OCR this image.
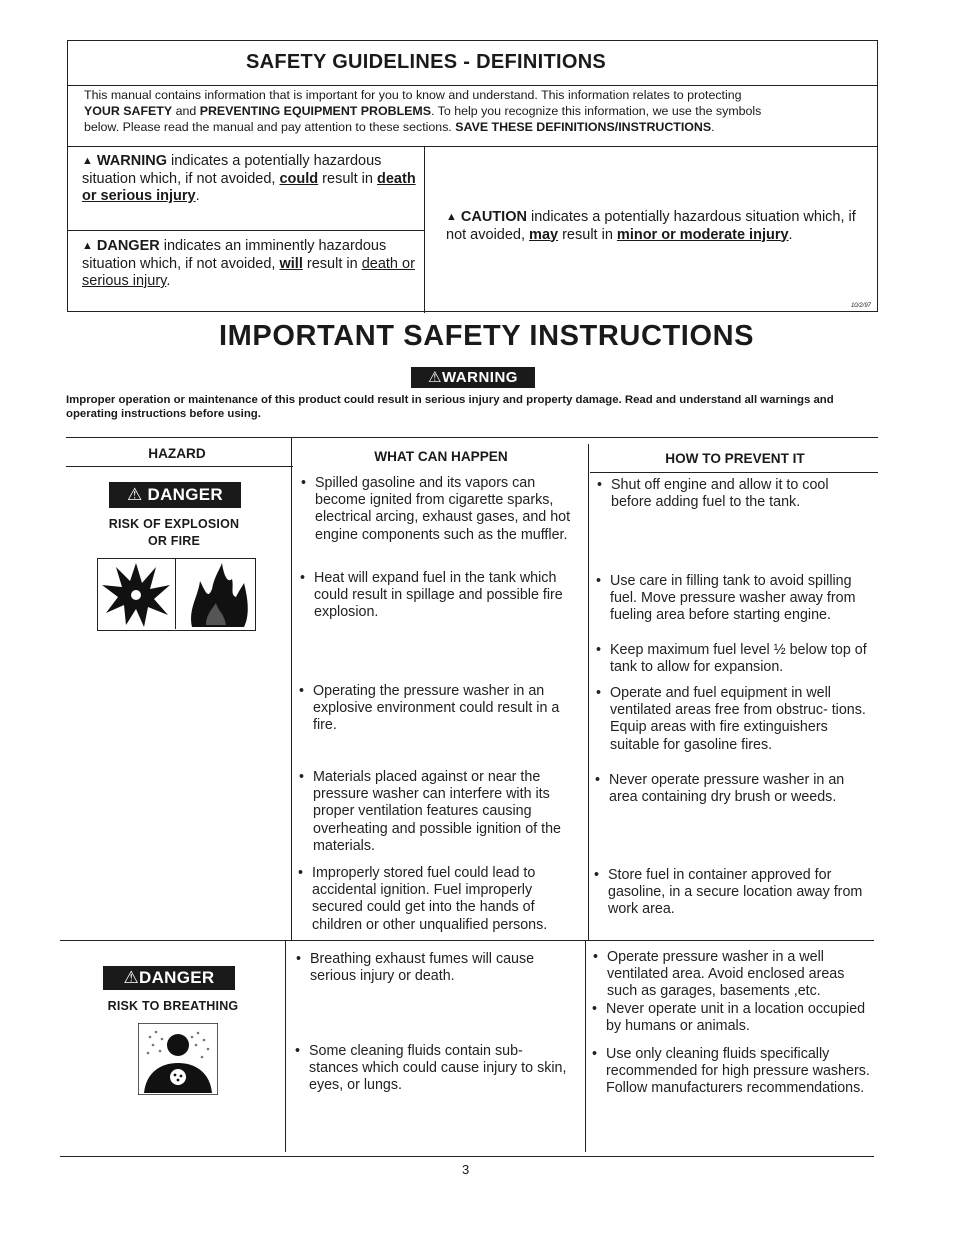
SAFETY GUIDELINES - DEFINITIONS
This manual contains information that is important for you to know and understand. This information relates to protecting
YOUR SAFETY and PREVENTING EQUIPMENT PROBLEMS. To help you recognize this information, we use the symbols
below. Please read the manual and pay attention to these sections. SAVE THESE DEFINITIONS/INSTRUCTIONS.
▲ WARNING indicates a potentially hazardous situation which, if not avoided, could result in death or serious injury.
▲ DANGER indicates an imminently hazardous situation which, if not avoided, will result in death or serious injury.
▲ CAUTION indicates a potentially hazardous situation which, if not avoided, may result in minor or moderate injury.
10/2/97
IMPORTANT SAFETY INSTRUCTIONS
⚠WARNING
Improper operation or maintenance of this product could result in serious injury and property damage. Read and understand all warnings and operating instructions before using.
HAZARD	WHAT CAN HAPPEN	HOW TO PREVENT IT
⚠ DANGER
RISK OF EXPLOSION
OR FIRE
• Spilled gasoline and its vapors can become ignited from cigarette sparks, electrical arcing, exhaust gases, and hot engine components such as the muffler.
• Heat will expand fuel in the tank which could result in spillage and possible fire explosion.
• Operating the pressure washer in an explosive environment could result in a fire.
• Materials placed against or near the pressure washer can interfere with its proper ventilation features causing overheating and possible ignition of the materials.
• Improperly stored fuel could lead to accidental ignition. Fuel improperly secured could get into the hands of children or other unqualified persons.
• Shut off engine and allow it to cool before adding fuel to the tank.
• Use care in filling tank to avoid spilling fuel. Move pressure washer away from fueling area before starting engine.
• Keep maximum fuel level ½ below top of tank to allow for expansion.
• Operate and fuel equipment in well ventilated areas free from obstruc- tions. Equip areas with fire extinguishers suitable for gasoline fires.
• Never operate pressure washer in an area containing dry brush or weeds.
• Store fuel in container approved for gasoline, in a secure location away from work area.
⚠DANGER
RISK TO BREATHING
• Breathing exhaust fumes will cause serious injury or death.
• Some cleaning fluids contain sub- stances which could cause injury to skin, eyes, or lungs.
• Operate pressure washer in a well ventilated area. Avoid enclosed areas such as garages, basements ,etc.
• Never operate unit in a location occupied by humans or animals.
• Use only cleaning fluids specifically recommended for high pressure washers. Follow manufacturers recommendations.
3
